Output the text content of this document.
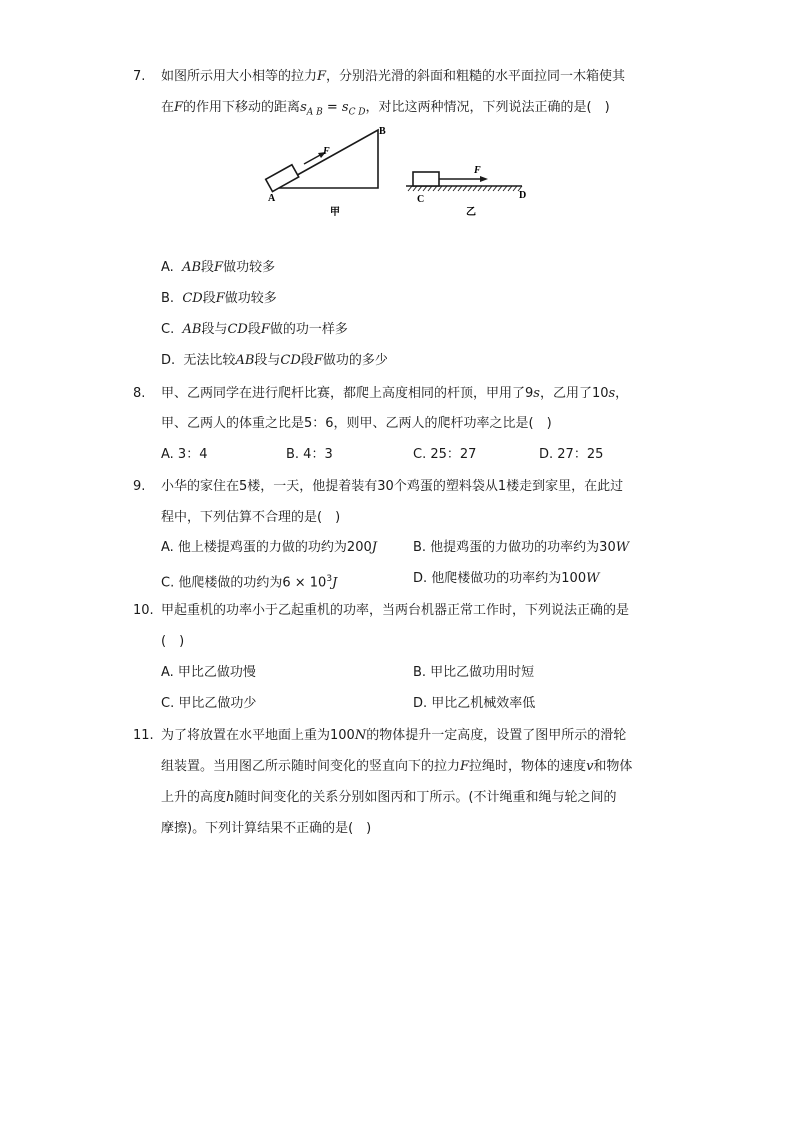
7. 如图所示用大小相等的拉力F，分别沿光滑的斜面和粗糙的水平面拉同一木箱使其
在F的作用下移动的距离$s_{A B} = s_{C D}$，对比这两种情况，下列说法正确的是(　)
F
A
B
甲
F
C	D
乙
A. AB段F做功较多
B. CD段F做功较多
C. AB段与CD段F做的功一样多
D. 无法比较AB段与CD段F做功的多少
8. 甲、乙两同学在进行爬杆比赛，都爬上高度相同的杆顶，甲用了9s，乙用了10s，
甲、乙两人的体重之比是5：6，则甲、乙两人的爬杆功率之比是(　)
A. 3：4	B. 4：3	C. 25：27	D. 27：25
9. 小华的家住在5楼，一天，他提着装有30个鸡蛋的塑料袋从1楼走到家里，在此过
程中，下列估算不合理的是(　)
A. 他上楼提鸡蛋的力做的功约为200J	B. 他提鸡蛋的力做功的功率约为30W
C. 他爬楼做的功约为$6 \times 10^3J$	D. 他爬楼做功的功率约为100W
10. 甲起重机的功率小于乙起重机的功率，当两台机器正常工作时，下列说法正确的是
(　)
A. 甲比乙做功慢	B. 甲比乙做功用时短
C. 甲比乙做功少	D. 甲比乙机械效率低
11. 为了将放置在水平地面上重为100N的物体提升一定高度，设置了图甲所示的滑轮
组装置。当用图乙所示随时间变化的竖直向下的拉力F拉绳时，物体的速度v和物体
上升的高度h随时间变化的关系分别如图丙和丁所示。(不计绳重和绳与轮之间的
摩擦)。下列计算结果不正确的是(　)
